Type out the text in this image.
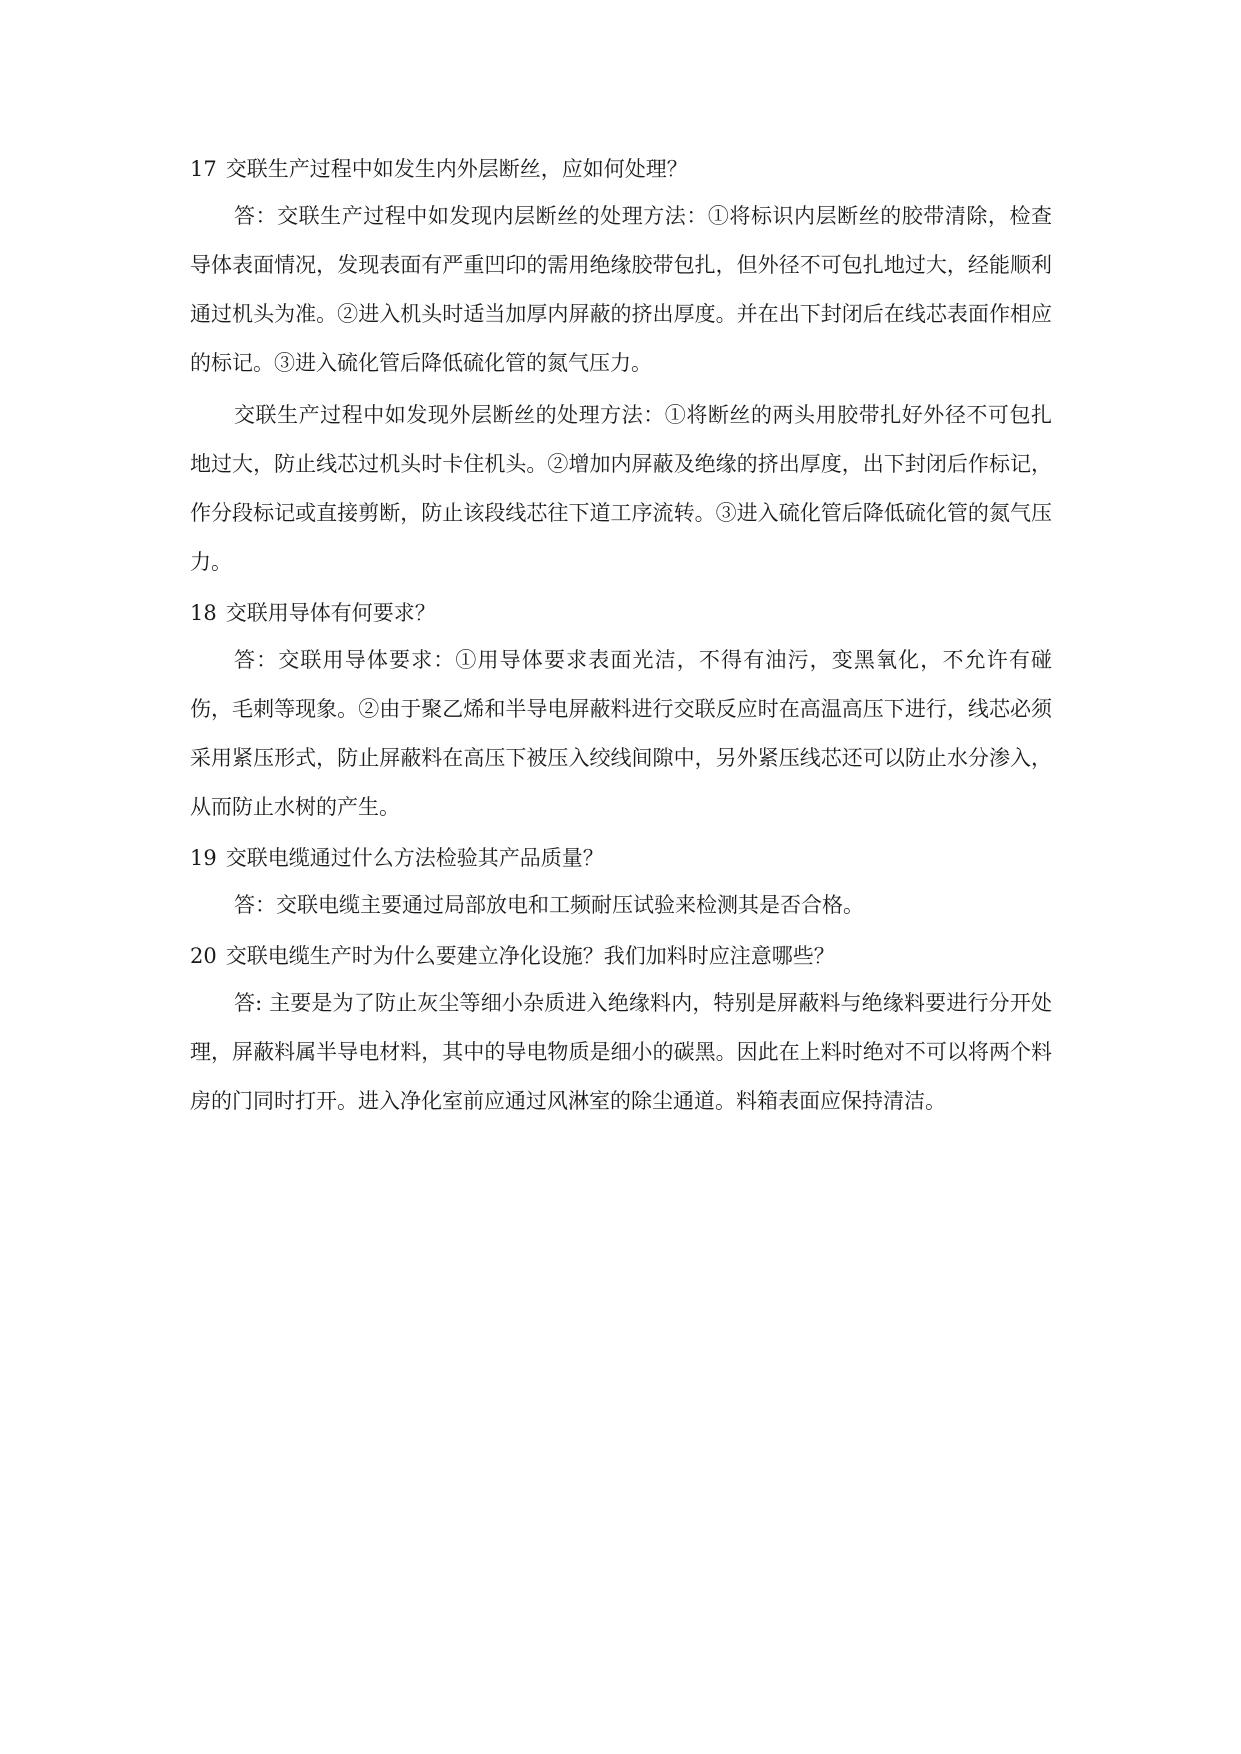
17 交联生产过程中如发生内外层断丝，应如何处理？

答：交联生产过程中如发现内层断丝的处理方法：①将标识内层断丝的胶带清除，检查导体表面情况，发现表面有严重凹印的需用绝缘胶带包扎，但外径不可包扎地过大，经能顺利通过机头为准。②进入机头时适当加厚内屏蔽的挤出厚度。并在出下封闭后在线芯表面作相应的标记。③进入硫化管后降低硫化管的氮气压力。

交联生产过程中如发现外层断丝的处理方法：①将断丝的两头用胶带扎好外径不可包扎地过大，防止线芯过机头时卡住机头。②增加内屏蔽及绝缘的挤出厚度，出下封闭后作标记，作分段标记或直接剪断，防止该段线芯往下道工序流转。③进入硫化管后降低硫化管的氮气压力。

18 交联用导体有何要求？

答：交联用导体要求：①用导体要求表面光洁，不得有油污，变黑氧化，不允许有碰伤，毛刺等现象。②由于聚乙烯和半导电屏蔽料进行交联反应时在高温高压下进行，线芯必须采用紧压形式，防止屏蔽料在高压下被压入绞线间隙中，另外紧压线芯还可以防止水分渗入，从而防止水树的产生。

19 交联电缆通过什么方法检验其产品质量？

答：交联电缆主要通过局部放电和工频耐压试验来检测其是否合格。

20 交联电缆生产时为什么要建立净化设施？我们加料时应注意哪些？

答: 主要是为了防止灰尘等细小杂质进入绝缘料内，特别是屏蔽料与绝缘料要进行分开处理，屏蔽料属半导电材料，其中的导电物质是细小的碳黑。因此在上料时绝对不可以将两个料房的门同时打开。进入净化室前应通过风淋室的除尘通道。料箱表面应保持清洁。
